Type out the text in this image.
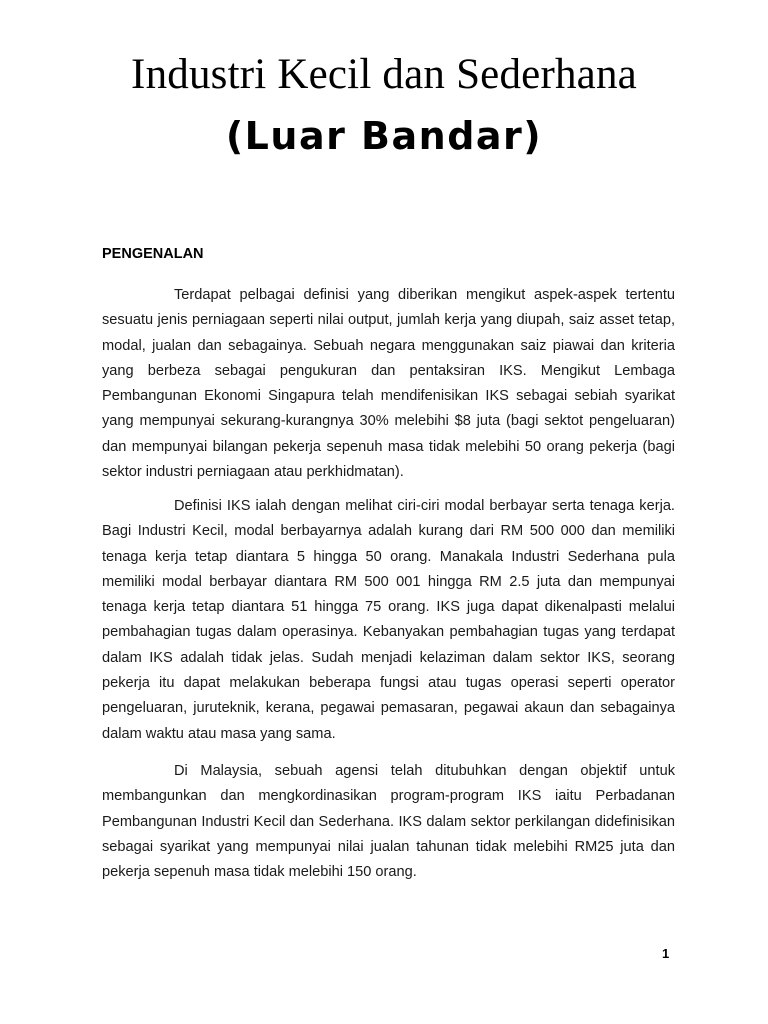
Industri Kecil dan Sederhana
(Luar Bandar)
PENGENALAN

Terdapat pelbagai definisi yang diberikan mengikut aspek-aspek tertentu sesuatu jenis perniagaan seperti nilai output, jumlah kerja yang diupah, saiz asset tetap, modal, jualan dan sebagainya. Sebuah negara menggunakan saiz piawai dan kriteria yang berbeza sebagai pengukuran dan pentaksiran IKS. Mengikut Lembaga Pembangunan Ekonomi Singapura telah mendifenisikan IKS sebagai sebiah syarikat yang mempunyai sekurang-kurangnya 30% melebihi $8 juta (bagi sektot pengeluaran) dan mempunyai bilangan pekerja sepenuh masa tidak melebihi 50 orang pekerja (bagi sektor industri perniagaan atau perkhidmatan).

Definisi IKS ialah dengan melihat ciri-ciri modal berbayar serta tenaga kerja. Bagi Industri Kecil, modal berbayarnya adalah kurang dari RM 500 000 dan memiliki tenaga kerja tetap diantara 5 hingga 50 orang. Manakala Industri Sederhana pula memiliki modal berbayar diantara RM 500 001 hingga RM 2.5 juta dan mempunyai tenaga kerja tetap diantara 51 hingga 75 orang. IKS juga dapat dikenalpasti melalui pembahagian tugas dalam operasinya. Kebanyakan pembahagian tugas yang terdapat dalam IKS adalah tidak jelas. Sudah menjadi kelaziman dalam sektor IKS, seorang pekerja itu dapat melakukan beberapa fungsi atau tugas operasi seperti operator pengeluaran, juruteknik, kerana, pegawai pemasaran, pegawai akaun dan sebagainya dalam waktu atau masa yang sama.

Di Malaysia, sebuah agensi telah ditubuhkan dengan objektif untuk membangunkan dan mengkordinasikan program-program IKS iaitu Perbadanan Pembangunan Industri Kecil dan Sederhana. IKS dalam sektor perkilangan didefinisikan sebagai syarikat yang mempunyai nilai jualan tahunan tidak melebihi RM25 juta dan pekerja sepenuh masa tidak melebihi 150 orang.

1
